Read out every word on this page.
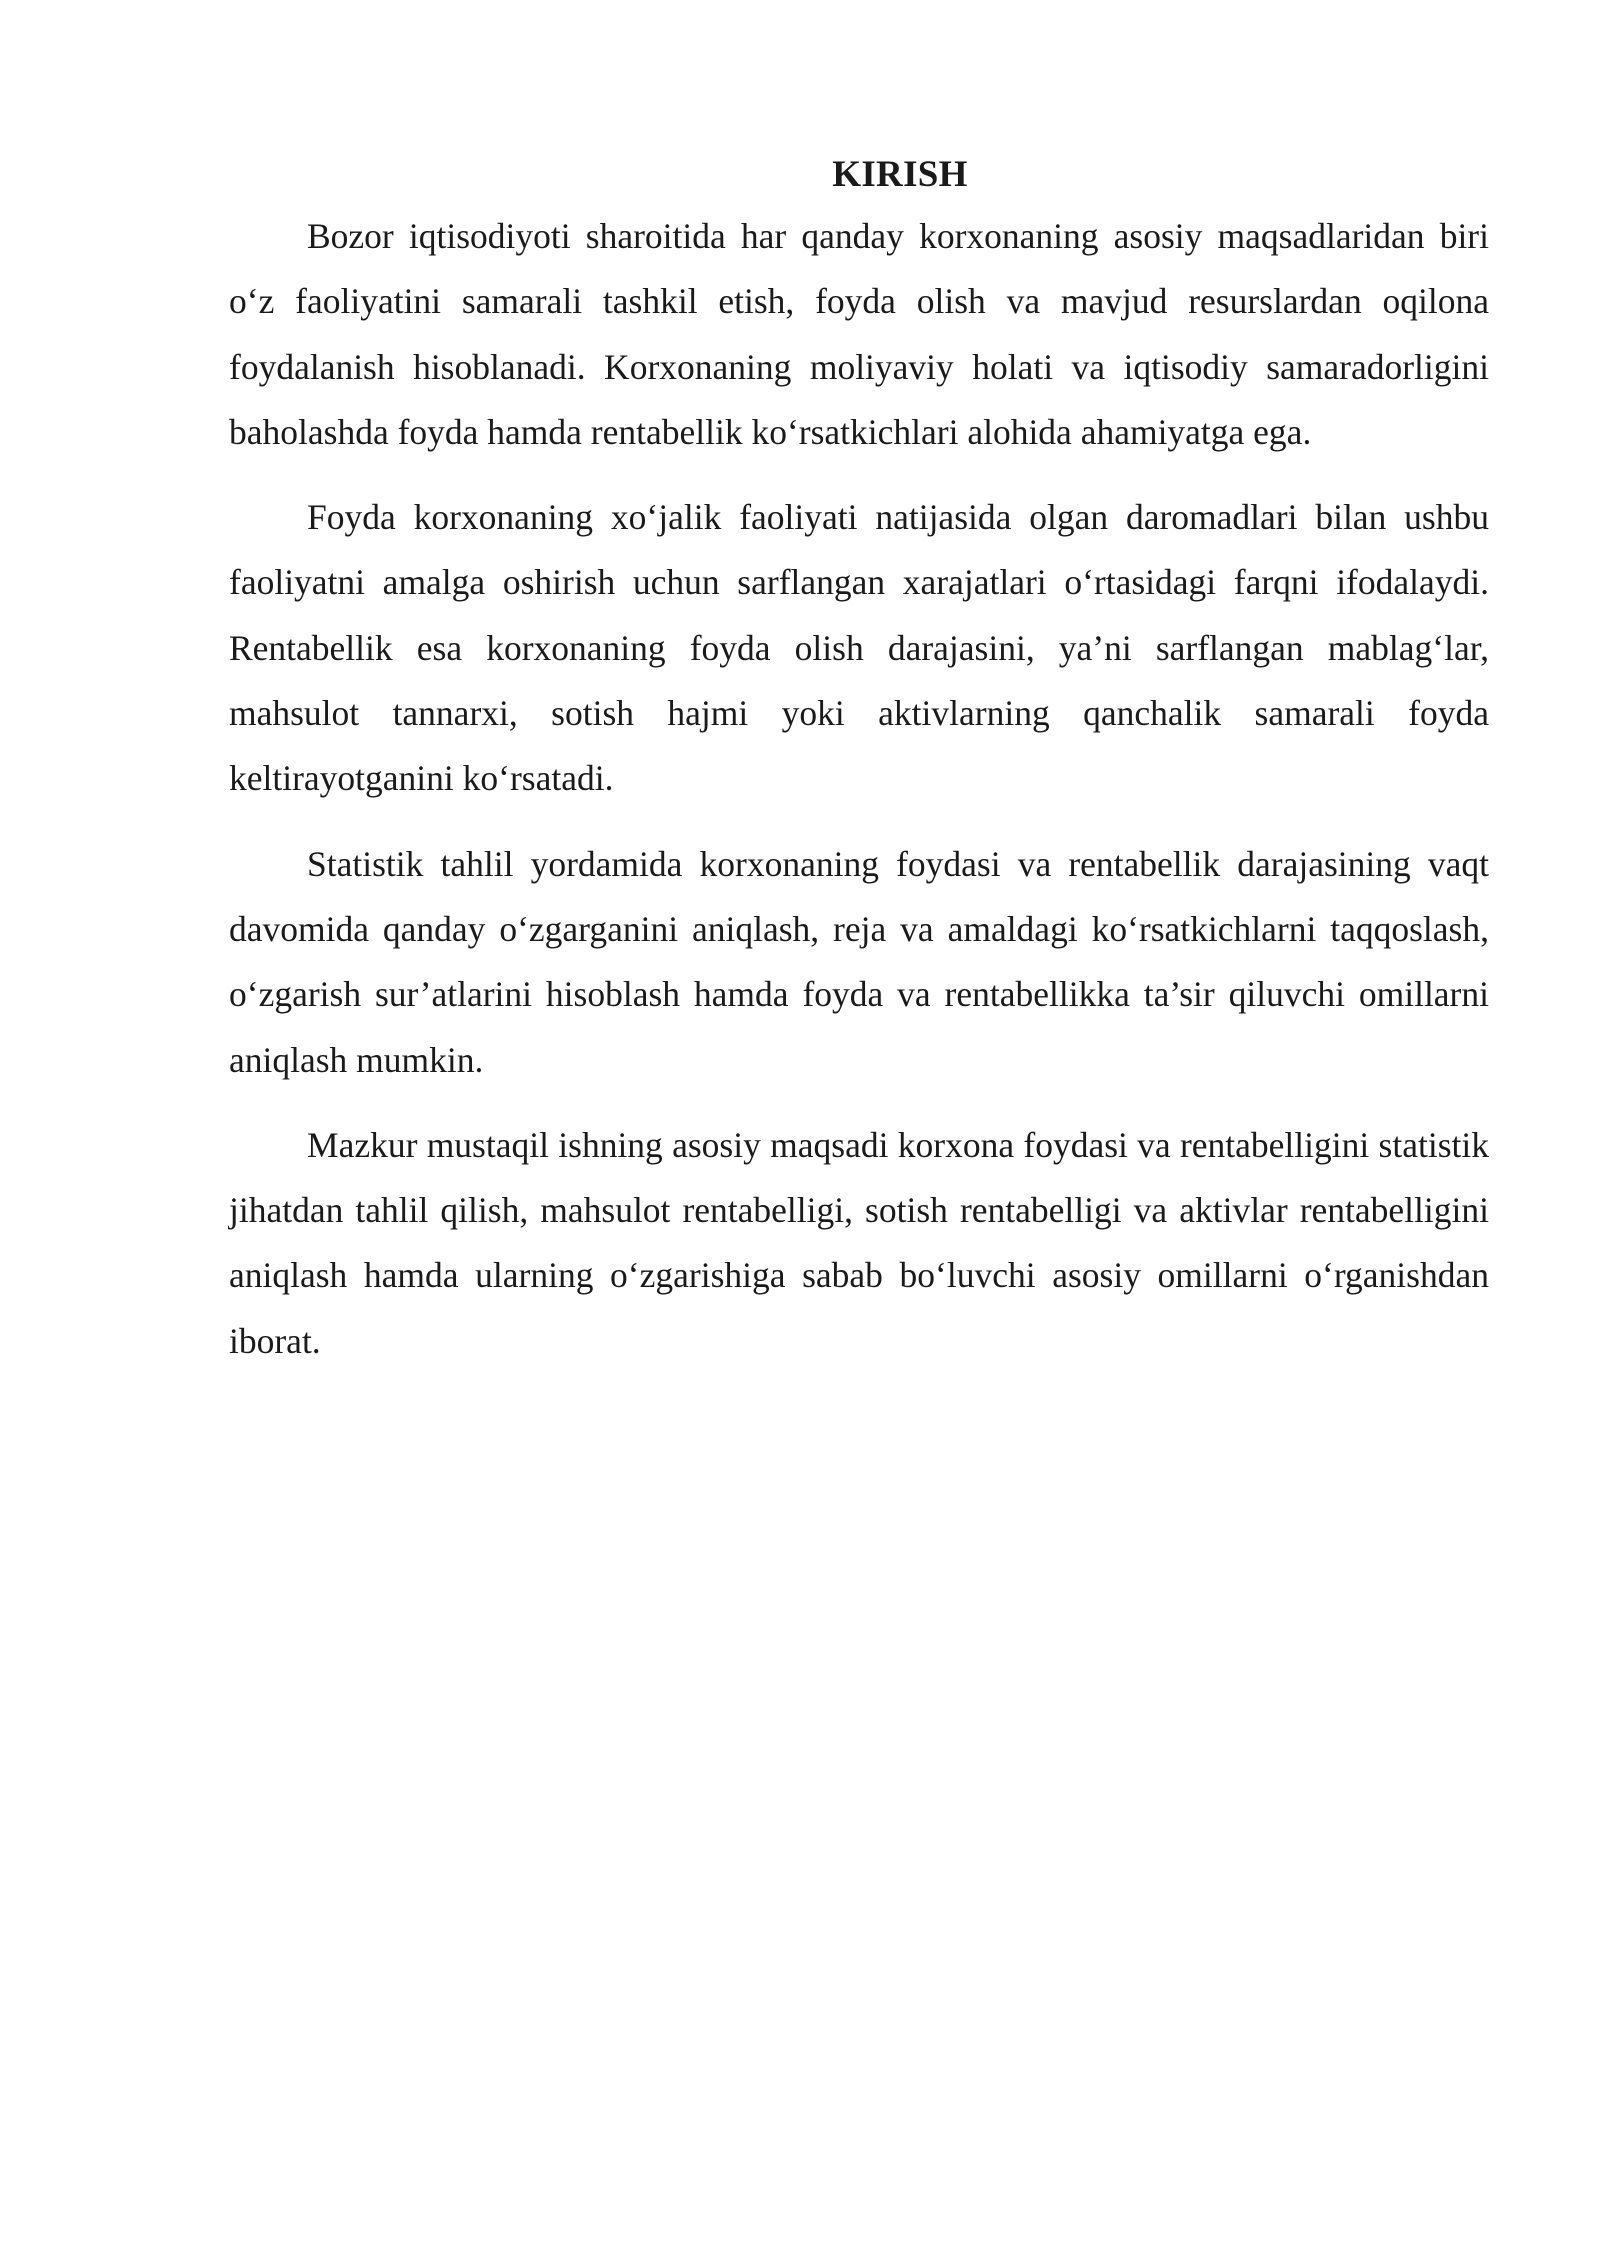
KIRISH

Bozor iqtisodiyoti sharoitida har qanday korxonaning asosiy maqsadlaridan biri o‘z faoliyatini samarali tashkil etish, foyda olish va mavjud resurslardan oqilona foydalanish hisoblanadi. Korxonaning moliyaviy holati va iqtisodiy samaradorligini baholashda foyda hamda rentabellik ko‘rsatkichlari alohida ahamiyatga ega.

Foyda korxonaning xo‘jalik faoliyati natijasida olgan daromadlari bilan ushbu faoliyatni amalga oshirish uchun sarflangan xarajatlari o‘rtasidagi farqni ifodalaydi. Rentabellik esa korxonaning foyda olish darajasini, ya’ni sarflangan mablag‘lar, mahsulot tannarxi, sotish hajmi yoki aktivlarning qanchalik samarali foyda keltirayotganini ko‘rsatadi.

Statistik tahlil yordamida korxonaning foydasi va rentabellik darajasining vaqt davomida qanday o‘zgarganini aniqlash, reja va amaldagi ko‘rsatkichlarni taqqoslash, o‘zgarish sur’atlarini hisoblash hamda foyda va rentabellikka ta’sir qiluvchi omillarni aniqlash mumkin.

Mazkur mustaqil ishning asosiy maqsadi korxona foydasi va rentabelligini statistik jihatdan tahlil qilish, mahsulot rentabelligi, sotish rentabelligi va aktivlar rentabelligini aniqlash hamda ularning o‘zgarishiga sabab bo‘luvchi asosiy omillarni o‘rganishdan iborat.
